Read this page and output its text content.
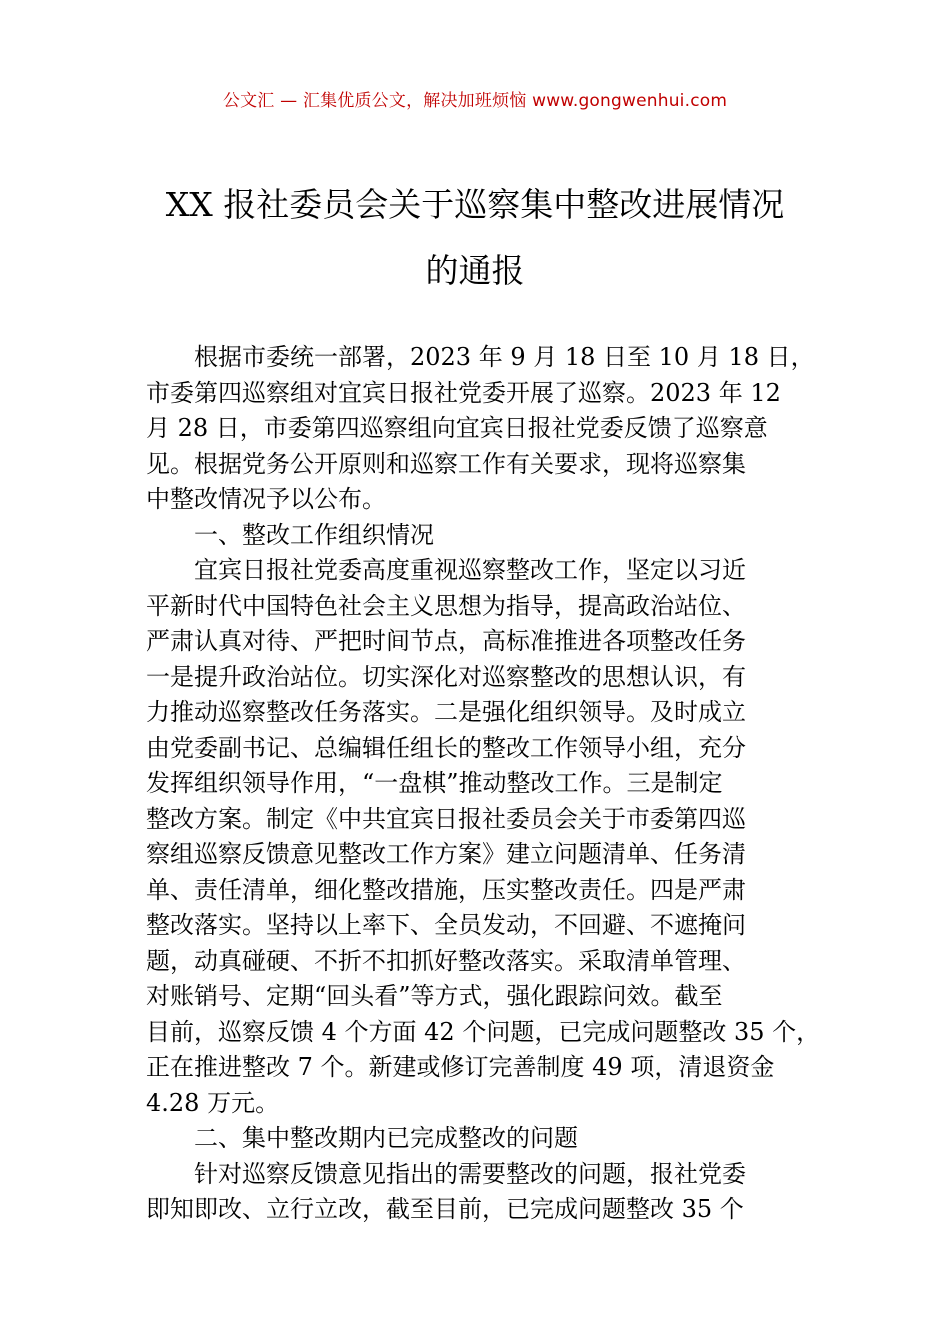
公文汇 — 汇集优质公文，解决加班烦恼 www.gongwenhui.com
XX 报社委员会关于巡察集中整改进展情况
的通报
根据市委统一部署，2023 年 9 月 18 日至 10 月 18 日，
市委第四巡察组对宜宾日报社党委开展了巡察。2023 年 12
月 28 日，市委第四巡察组向宜宾日报社党委反馈了巡察意
见。根据党务公开原则和巡察工作有关要求，现将巡察集
中整改情况予以公布。
一、整改工作组织情况
宜宾日报社党委高度重视巡察整改工作，坚定以习近
平新时代中国特色社会主义思想为指导，提高政治站位、
严肃认真对待、严把时间节点，高标准推进各项整改任务
一是提升政治站位。切实深化对巡察整改的思想认识，有
力推动巡察整改任务落实。二是强化组织领导。及时成立
由党委副书记、总编辑任组长的整改工作领导小组，充分
发挥组织领导作用，“一盘棋”推动整改工作。三是制定
整改方案。制定《中共宜宾日报社委员会关于市委第四巡
察组巡察反馈意见整改工作方案》建立问题清单、任务清
单、责任清单，细化整改措施，压实整改责任。四是严肃
整改落实。坚持以上率下、全员发动，不回避、不遮掩问
题，动真碰硬、不折不扣抓好整改落实。采取清单管理、
对账销号、定期“回头看”等方式，强化跟踪问效。截至
目前，巡察反馈 4 个方面 42 个问题，已完成问题整改 35 个，
正在推进整改 7 个。新建或修订完善制度 49 项，清退资金
4.28 万元。
二、集中整改期内已完成整改的问题
针对巡察反馈意见指出的需要整改的问题，报社党委
即知即改、立行立改，截至目前，已完成问题整改 35 个
